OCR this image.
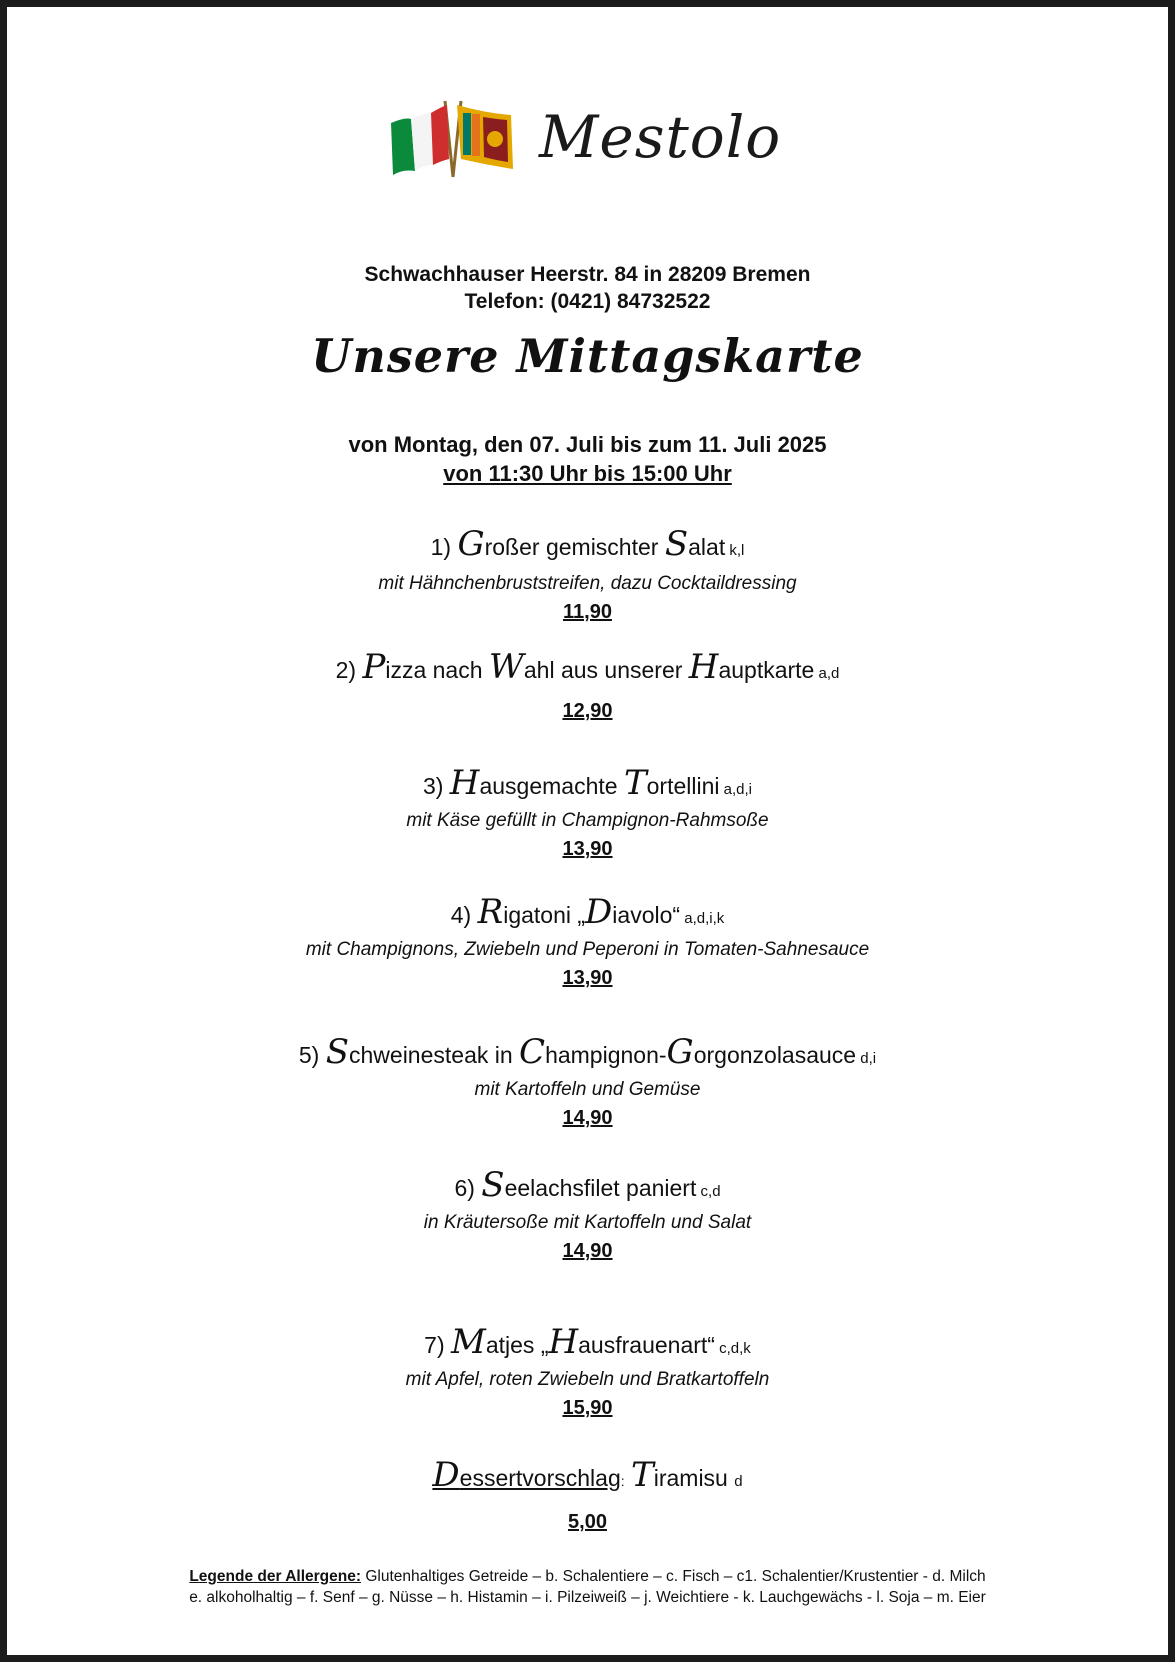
Mestolo
Schwachhauser Heerstr. 84 in 28209 Bremen
Telefon: (0421) 84732522
Unsere Mittagskarte
von Montag, den 07. Juli bis zum 11. Juli 2025
von 11:30 Uhr bis 15:00 Uhr
1) Großer gemischter Salat k,l
mit Hähnchenbruststreifen, dazu Cocktaildressing
11,90
2) Pizza nach Wahl aus unserer Hauptkarte a,d
12,90
3) Hausgemachte Tortellini a,d,i
mit Käse gefüllt in Champignon-Rahmsoße
13,90
4) Rigatoni „Diavolo“ a,d,i,k
mit Champignons, Zwiebeln und Peperoni in Tomaten-Sahnesauce
13,90
5) Schweinesteak in Champignon-Gorgonzolasauce d,i
mit Kartoffeln und Gemüse
14,90
6) Seelachsfilet paniert c,d
in Kräutersoße mit Kartoffeln und Salat
14,90
7) Matjes „Hausfrauenart“ c,d,k
mit Apfel, roten Zwiebeln und Bratkartoffeln
15,90
Dessertvorschlag: Tiramisu d
5,00
Legende der Allergene: Glutenhaltiges Getreide – b. Schalentiere – c. Fisch – c1. Schalentier/Krustentier - d. Milch
e. alkoholhaltig – f. Senf – g. Nüsse – h. Histamin – i. Pilzeiweiß – j. Weichtiere - k. Lauchgewächs - l. Soja – m. Eier
